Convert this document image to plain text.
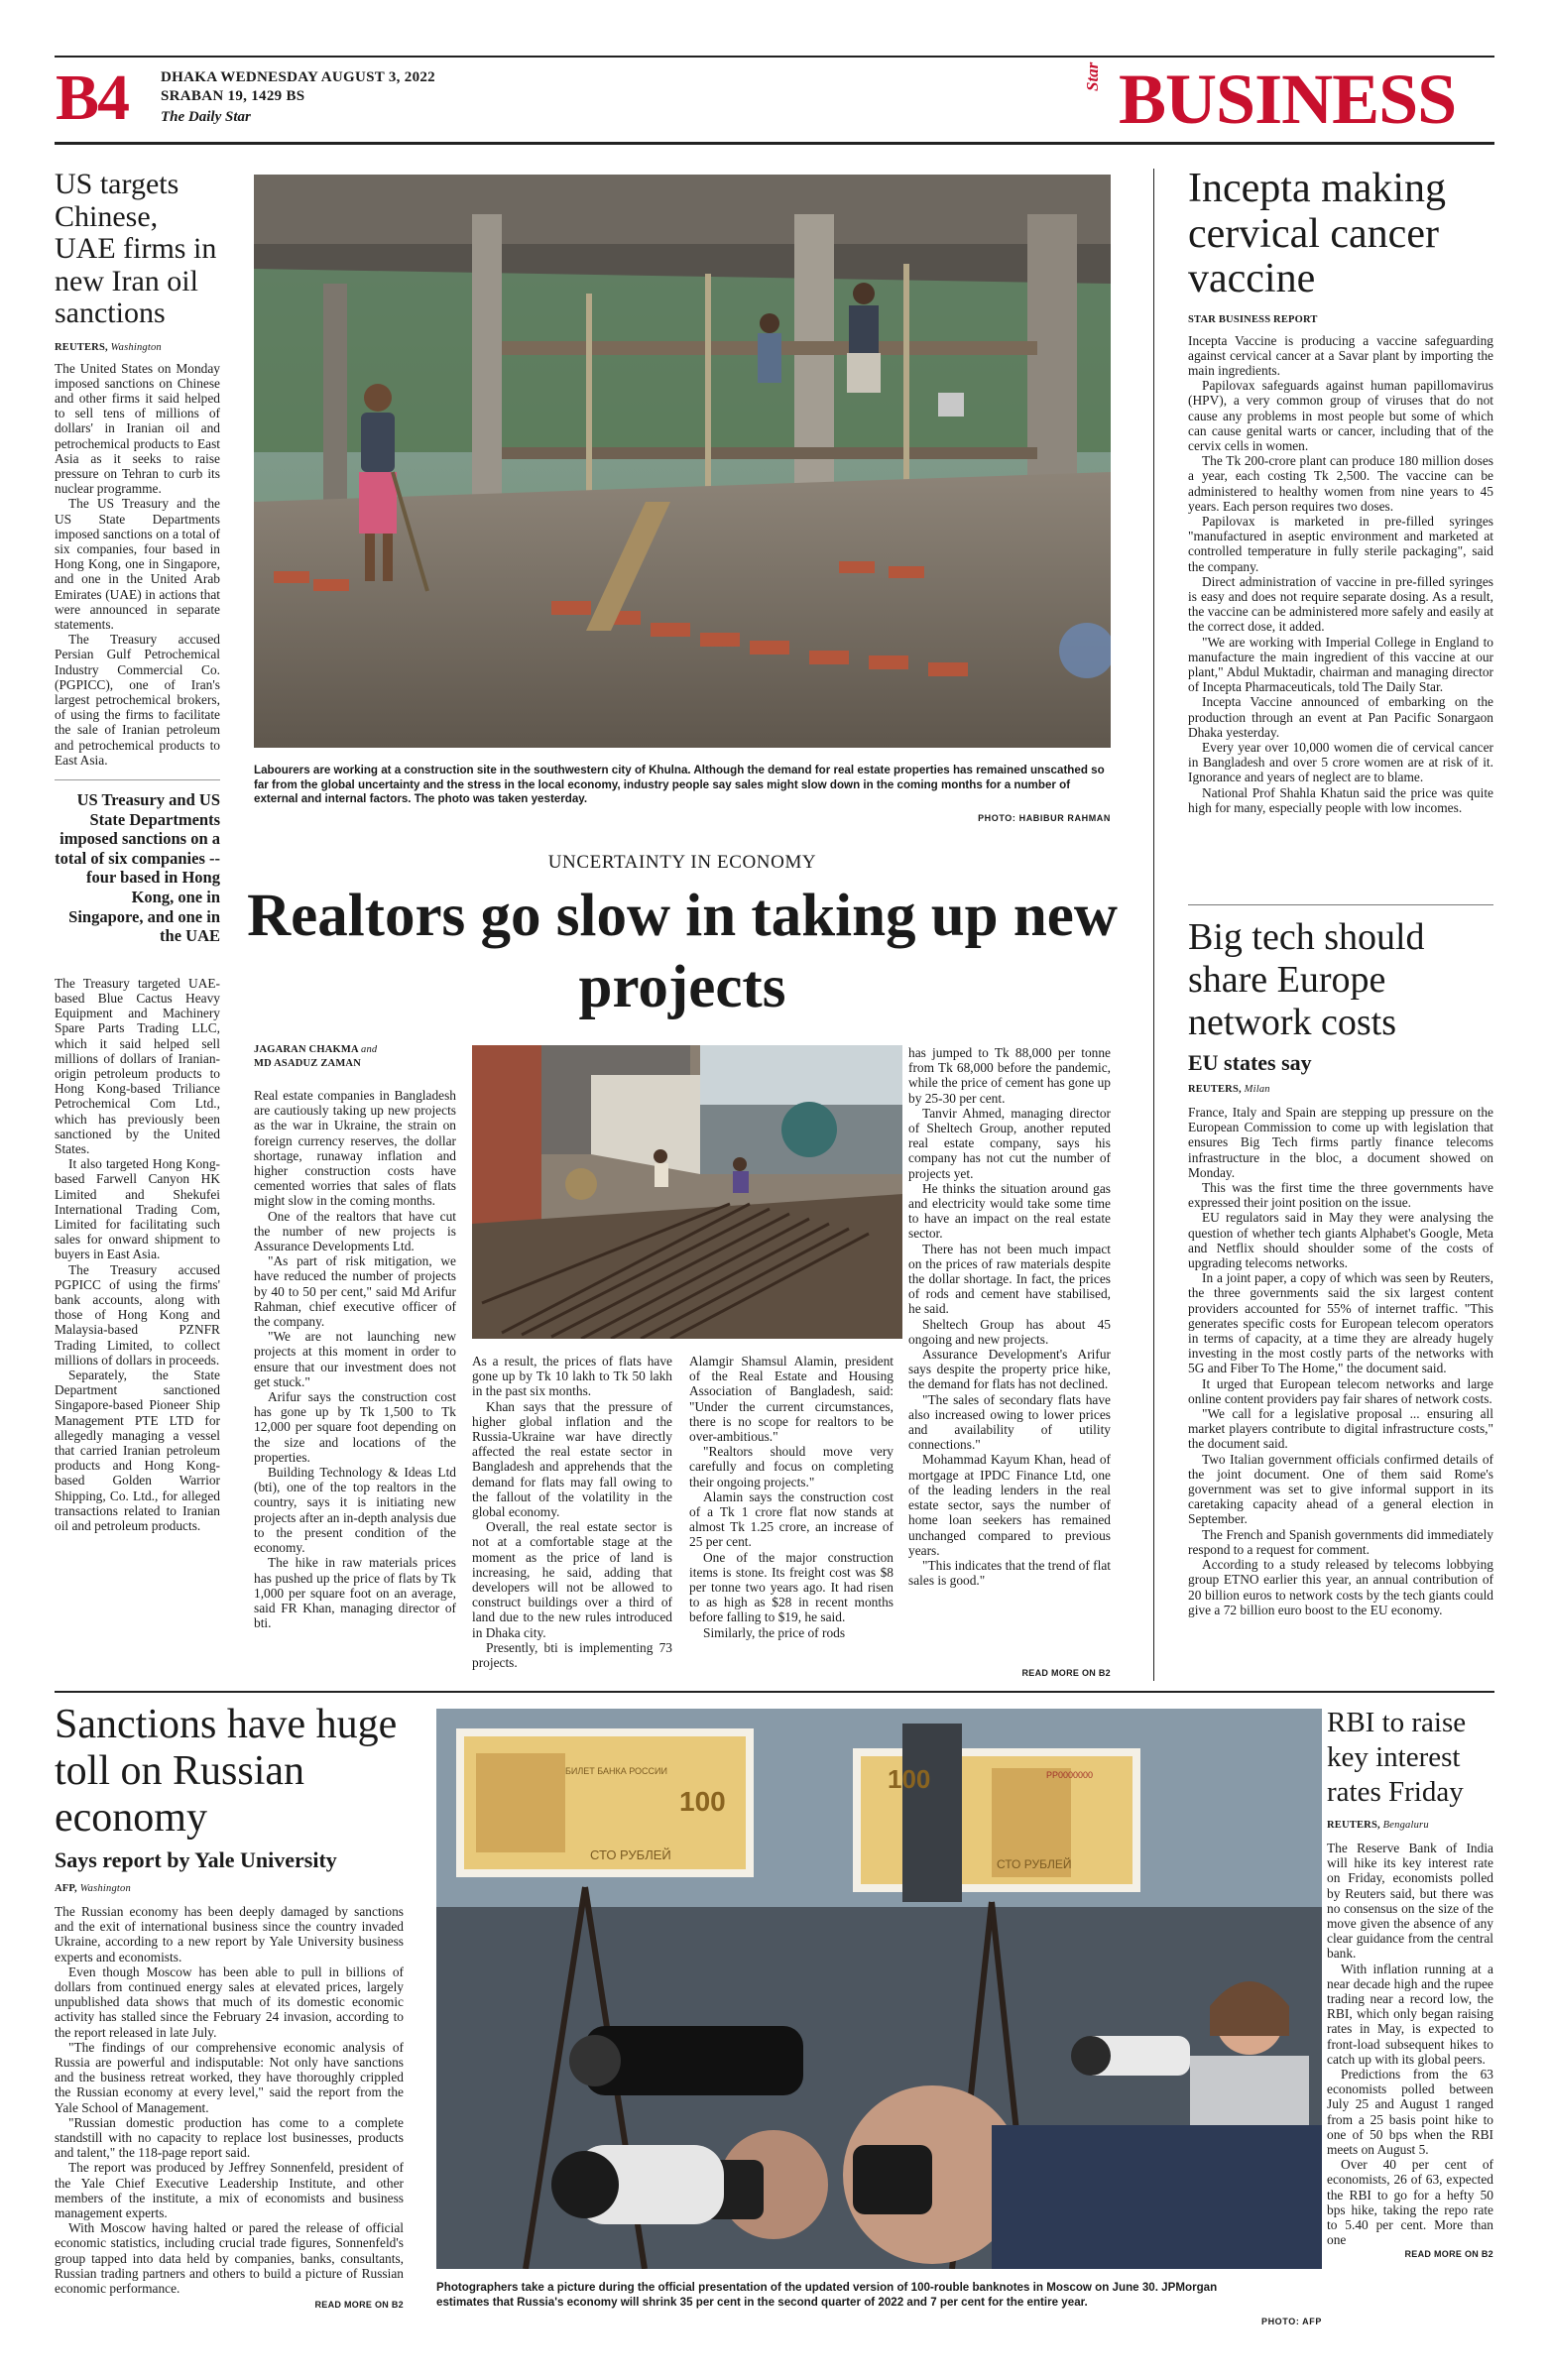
B4 DHAKA WEDNESDAY AUGUST 3, 2022
SRABAN 19, 1429 BS
The Daily Star
Star BUSINESS
US targets Chinese, UAE firms in new Iran oil sanctions
REUTERS, Washington

The United States on Monday imposed sanctions on Chinese and other firms it said helped to sell tens of millions of dollars' in Iranian oil and petrochemical products to East Asia as it seeks to raise pressure on Tehran to curb its nuclear programme.

The US Treasury and the US State Departments imposed sanctions on a total of six companies, four based in Hong Kong, one in Singapore, and one in the United Arab Emirates (UAE) in actions that were announced in separate statements.

The Treasury accused Persian Gulf Petrochemical Industry Commercial Co. (PGPICC), one of Iran's largest petrochemical brokers, of using the firms to facilitate the sale of Iranian petroleum and petrochemical products to East Asia.

US Treasury and US State Departments imposed sanctions on a total of six companies -- four based in Hong Kong, one in Singapore, and one in the UAE

The Treasury targeted UAE-based Blue Cactus Heavy Equipment and Machinery Spare Parts Trading LLC, which it said helped sell millions of dollars of Iranian-origin petroleum products to Hong Kong-based Triliance Petrochemical Com Ltd., which has previously been sanctioned by the United States.

It also targeted Hong Kong-based Farwell Canyon HK Limited and Shekufei International Trading Com, Limited for facilitating such sales for onward shipment to buyers in East Asia.

The Treasury accused PGPICC of using the firms' bank accounts, along with those of Hong Kong and Malaysia-based PZNFR Trading Limited, to collect millions of dollars in proceeds.

Separately, the State Department sanctioned Singapore-based Pioneer Ship Management PTE LTD for allegedly managing a vessel that carried Iranian petroleum products and Hong Kong-based Golden Warrior Shipping, Co. Ltd., for alleged transactions related to Iranian oil and petroleum products.

Labourers are working at a construction site in the southwestern city of Khulna. Although the demand for real estate properties has remained unscathed so far from the global uncertainty and the stress in the local economy, industry people say sales might slow down in the coming months for a number of external and internal factors. The photo was taken yesterday.
PHOTO: HABIBUR RAHMAN
UNCERTAINTY IN ECONOMY
Realtors go slow in taking up new projects
JAGARAN CHAKMA and
MD ASADUZ ZAMAN

Real estate companies in Bangladesh are cautiously taking up new projects as the war in Ukraine, the strain on foreign currency reserves, the dollar shortage, runaway inflation and higher construction costs have cemented worries that sales of flats might slow in the coming months.

One of the realtors that have cut the number of new projects is Assurance Developments Ltd.

"As part of risk mitigation, we have reduced the number of projects by 40 to 50 per cent," said Md Arifur Rahman, chief executive officer of the company.

"We are not launching new projects at this moment in order to ensure that our investment does not get stuck."

Arifur says the construction cost has gone up by Tk 1,500 to Tk 12,000 per square foot depending on the size and locations of the properties.

Building Technology & Ideas Ltd (bti), one of the top realtors in the country, says it is initiating new projects after an in-depth analysis due to the present condition of the economy.

The hike in raw materials prices has pushed up the price of flats by Tk 1,000 per square foot on an average, said FR Khan, managing director of bti.

As a result, the prices of flats have gone up by Tk 10 lakh to Tk 50 lakh in the past six months.

Khan says that the pressure of higher global inflation and the Russia-Ukraine war have directly affected the real estate sector in Bangladesh and apprehends that the demand for flats may fall owing to the fallout of the volatility in the global economy.

Overall, the real estate sector is not at a comfortable stage at the moment as the price of land is increasing, he said, adding that developers will not be allowed to construct buildings over a third of land due to the new rules introduced in Dhaka city.

Presently, bti is implementing 73 projects.

Alamgir Shamsul Alamin, president of the Real Estate and Housing Association of Bangladesh, said: "Under the current circumstances, there is no scope for realtors to be over-ambitious."

"Realtors should move very carefully and focus on completing their ongoing projects."

Alamin says the construction cost of a Tk 1 crore flat now stands at almost Tk 1.25 crore, an increase of 25 per cent.

One of the major construction items is stone. Its freight cost was $8 per tonne two years ago. It had risen to as high as $28 in recent months before falling to $19, he said.

Similarly, the price of rods

has jumped to Tk 88,000 per tonne from Tk 68,000 before the pandemic, while the price of cement has gone up by 25-30 per cent.

Tanvir Ahmed, managing director of Sheltech Group, another reputed real estate company, says his company has not cut the number of projects yet.

He thinks the situation around gas and electricity would take some time to have an impact on the real estate sector.

There has not been much impact on the prices of raw materials despite the dollar shortage. In fact, the prices of rods and cement have stabilised, he said.

Sheltech Group has about 45 ongoing and new projects.

Assurance Development's Arifur says despite the property price hike, the demand for flats has not declined.

"The sales of secondary flats have also increased owing to lower prices and availability of utility connections."

Mohammad Kayum Khan, head of mortgage at IPDC Finance Ltd, one of the leading lenders in the real estate sector, says the number of home loan seekers has remained unchanged compared to previous years.

"This indicates that the trend of flat sales is good."

READ MORE ON B2
Incepta making cervical cancer vaccine
STAR BUSINESS REPORT

Incepta Vaccine is producing a vaccine safeguarding against cervical cancer at a Savar plant by importing the main ingredients.

Papilovax safeguards against human papillomavirus (HPV), a very common group of viruses that do not cause any problems in most people but some of which can cause genital warts or cancer, including that of the cervix cells in women.

The Tk 200-crore plant can produce 180 million doses a year, each costing Tk 2,500. The vaccine can be administered to healthy women from nine years to 45 years. Each person requires two doses.

Papilovax is marketed in pre-filled syringes "manufactured in aseptic environment and marketed at controlled temperature in fully sterile packaging", said the company.

Direct administration of vaccine in pre-filled syringes is easy and does not require separate dosing. As a result, the vaccine can be administered more safely and easily at the correct dose, it added.

"We are working with Imperial College in England to manufacture the main ingredient of this vaccine at our plant," Abdul Muktadir, chairman and managing director of Incepta Pharmaceuticals, told The Daily Star.

Incepta Vaccine announced of embarking on the production through an event at Pan Pacific Sonargaon Dhaka yesterday.

Every year over 10,000 women die of cervical cancer in Bangladesh and over 5 crore women are at risk of it. Ignorance and years of neglect are to blame.

National Prof Shahla Khatun said the price was quite high for many, especially people with low incomes.

Big tech should share Europe network costs
EU states say
REUTERS, Milan

France, Italy and Spain are stepping up pressure on the European Commission to come up with legislation that ensures Big Tech firms partly finance telecoms infrastructure in the bloc, a document showed on Monday.

This was the first time the three governments have expressed their joint position on the issue.

EU regulators said in May they were analysing the question of whether tech giants Alphabet's Google, Meta and Netflix should shoulder some of the costs of upgrading telecoms networks.

In a joint paper, a copy of which was seen by Reuters, the three governments said the six largest content providers accounted for 55% of internet traffic. "This generates specific costs for European telecom operators in terms of capacity, at a time they are already hugely investing in the most costly parts of the networks with 5G and Fiber To The Home," the document said.

It urged that European telecom networks and large online content providers pay fair shares of network costs.

"We call for a legislative proposal ... ensuring all market players contribute to digital infrastructure costs," the document said.

Two Italian government officials confirmed details of the joint document. One of them said Rome's government was set to give informal support in its caretaking capacity ahead of a general election in September.

The French and Spanish governments did immediately respond to a request for comment.

According to a study released by telecoms lobbying group ETNO earlier this year, an annual contribution of 20 billion euros to network costs by the tech giants could give a 72 billion euro boost to the EU economy.

Sanctions have huge toll on Russian economy
Says report by Yale University
AFP, Washington

The Russian economy has been deeply damaged by sanctions and the exit of international business since the country invaded Ukraine, according to a new report by Yale University business experts and economists.

Even though Moscow has been able to pull in billions of dollars from continued energy sales at elevated prices, largely unpublished data shows that much of its domestic economic activity has stalled since the February 24 invasion, according to the report released in late July.

"The findings of our comprehensive economic analysis of Russia are powerful and indisputable: Not only have sanctions and the business retreat worked, they have thoroughly crippled the Russian economy at every level," said the report from the Yale School of Management.

"Russian domestic production has come to a complete standstill with no capacity to replace lost businesses, products and talent," the 118-page report said.

The report was produced by Jeffrey Sonnenfeld, president of the Yale Chief Executive Leadership Institute, and other members of the institute, a mix of economists and business management experts.

With Moscow having halted or pared the release of official economic statistics, including crucial trade figures, Sonnenfeld's group tapped into data held by companies, banks, consultants, Russian trading partners and others to build a picture of Russian economic performance.

READ MORE ON B2
БИЛЕТ БАНКА РОССИИ
100
СТО РУБЛЕЙ
100	РР0000000
СТО РУБЛЕЙ
Photographers take a picture during the official presentation of the updated version of 100-rouble banknotes in Moscow on June 30. JPMorgan estimates that Russia's economy will shrink 35 per cent in the second quarter of 2022 and 7 per cent for the entire year.
PHOTO: AFP
RBI to raise key interest rates Friday
REUTERS, Bengaluru

The Reserve Bank of India will hike its key interest rate on Friday, economists polled by Reuters said, but there was no consensus on the size of the move given the absence of any clear guidance from the central bank.

With inflation running at a near decade high and the rupee trading near a record low, the RBI, which only began raising rates in May, is expected to front-load subsequent hikes to catch up with its global peers.

Predictions from the 63 economists polled between July 25 and August 1 ranged from a 25 basis point hike to one of 50 bps when the RBI meets on August 5.

Over 40 per cent of economists, 26 of 63, expected the RBI to go for a hefty 50 bps hike, taking the repo rate to 5.40 per cent. More than one

READ MORE ON B2
